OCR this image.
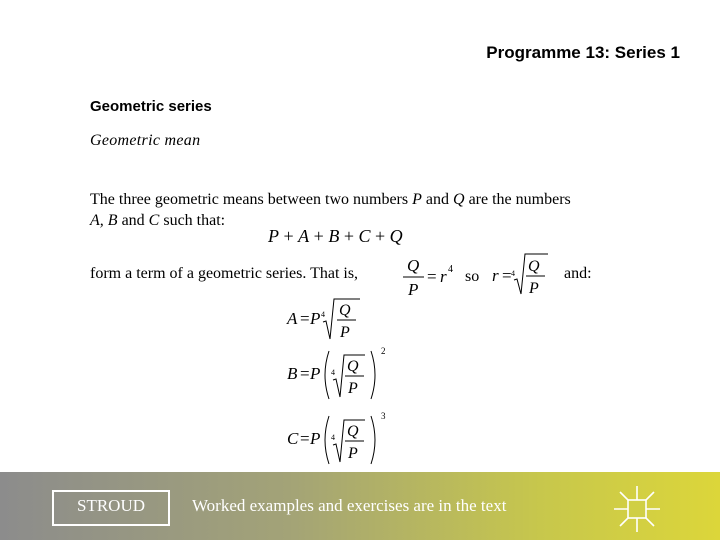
Programme 13: Series 1
Geometric series
Geometric mean
The three geometric means between two numbers P and Q are the numbers
A, B and C such that:
P + A + B + C + Q
form a term of a geometric series. That is,	Q
P
= r 4 so r = 4 Q
P
and:
A = P 4 Q
P
B = P 4 Q
P
2
C = P 4 Q
P
3
STROUD	Worked examples and exercises are in the text
